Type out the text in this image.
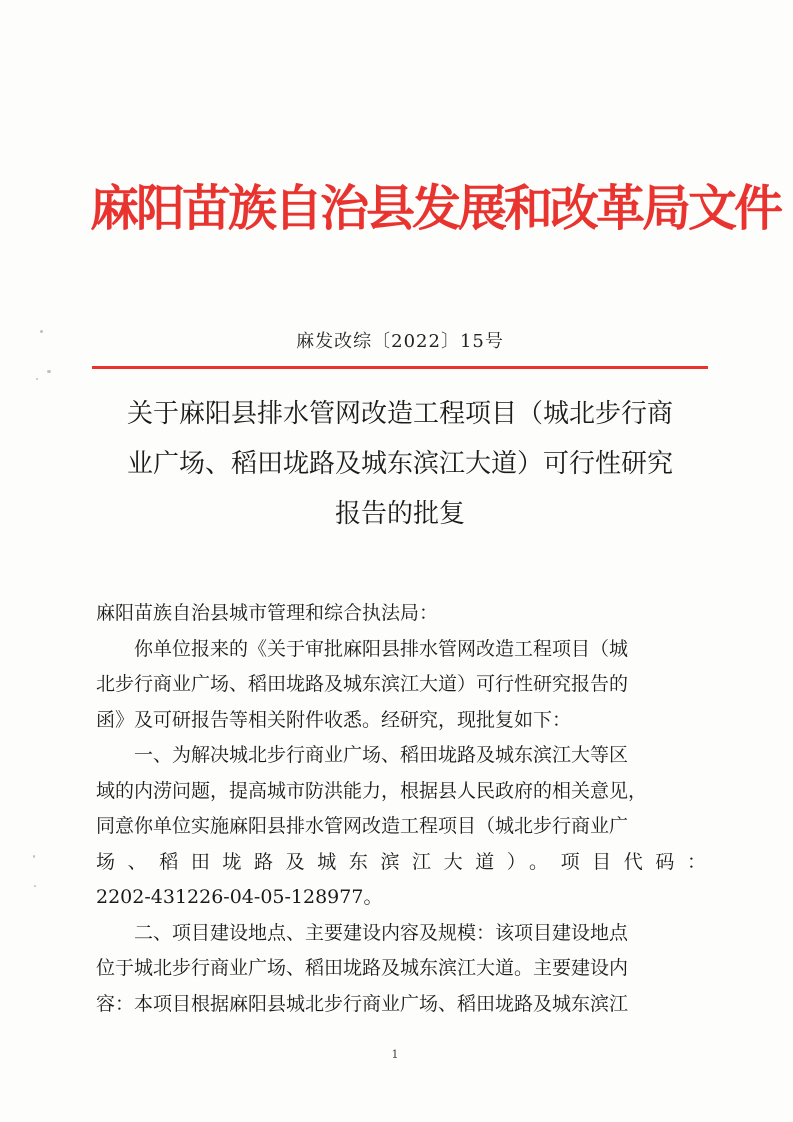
麻阳苗族自治县发展和改革局文件
麻发改综〔2022〕15号
关于麻阳县排水管网改造工程项目（城北步行商
业广场、稻田垅路及城东滨江大道）可行性研究
报告的批复
麻阳苗族自治县城市管理和综合执法局：
你单位报来的《关于审批麻阳县排水管网改造工程项目（城
北步行商业广场、稻田垅路及城东滨江大道）可行性研究报告的
函》及可研报告等相关附件收悉。经研究，现批复如下：
一、为解决城北步行商业广场、稻田垅路及城东滨江大等区
域的内涝问题，提高城市防洪能力，根据县人民政府的相关意见，
同意你单位实施麻阳县排水管网改造工程项目（城北步行商业广
场、稻田垅路及城东滨江大道）。项目代码：
2202-431226-04-05-128977。
二、项目建设地点、主要建设内容及规模：该项目建设地点
位于城北步行商业广场、稻田垅路及城东滨江大道。主要建设内
容：本项目根据麻阳县城北步行商业广场、稻田垅路及城东滨江
1
